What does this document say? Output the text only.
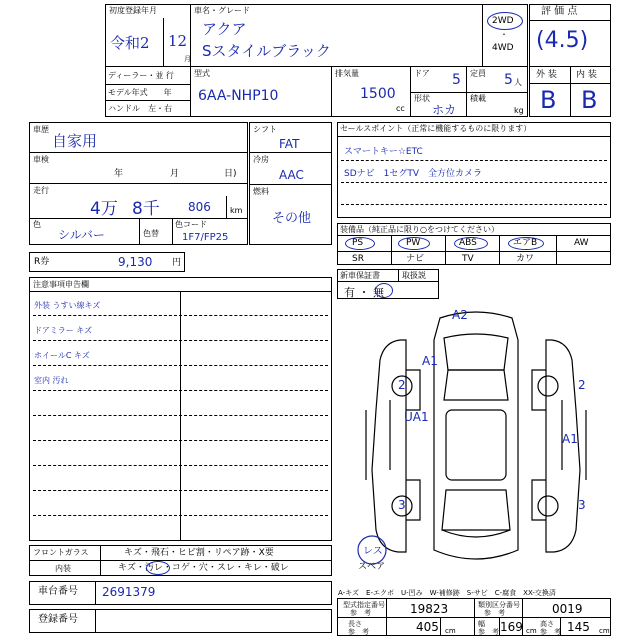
初度登録年月
令和2 12
月
車名・グレード
アクア
Sスタイルブラック
2WD
・
4WD
ディーラー・並 行
モデル年式　　年
ハンドル　左・右
型式
6AA-NHP10
排気量
1500
cc
ドア 5 定員 5 人
形状
ホカ
積載
kg
評 価 点
(4.5)
外 装 内 装
B B
車歴
自家用
車検
年	月	日)
走行
4万 8千 806 km
色
シルバー	色替
色コード
1F7/FP25
シフト
FAT
冷房
AAC
燃料
その他
R券	9,130 円
セールスポイント（正常に機能するものに限ります）
スマートキー☆ETC
SDナビ　1セグTV　全方位カメラ
装備品（純正品に限り○をつけてください）
PS	PW	ABS	エアB	AW
SR	ナビ	TV	カワ
新車保証書	取扱説
有 ・ 無
注意事項申告欄
外装 うすい線キズ
ドアミラー キズ
ホイールC キズ
室内 汚れ
A2
A1
2	2
UA1
A1
3	3
レス
スペア
フロントガラス	キズ・飛石・ヒビ割・リペア跡・X要
内装	キズ・汚レ・コゲ・穴・スレ・キレ・破レ
車台番号 2691379
登録番号
A-キズ　E-エクボ　U-凹み　W-補修跡　S-サビ　C-腐食　XX-交換済
型式指定番号
参　考	19823	類別区分番号
参　考	0019
長さ
参　考	405 cm
幅
参　考 169 cm
高さ
参　考 145 cm
